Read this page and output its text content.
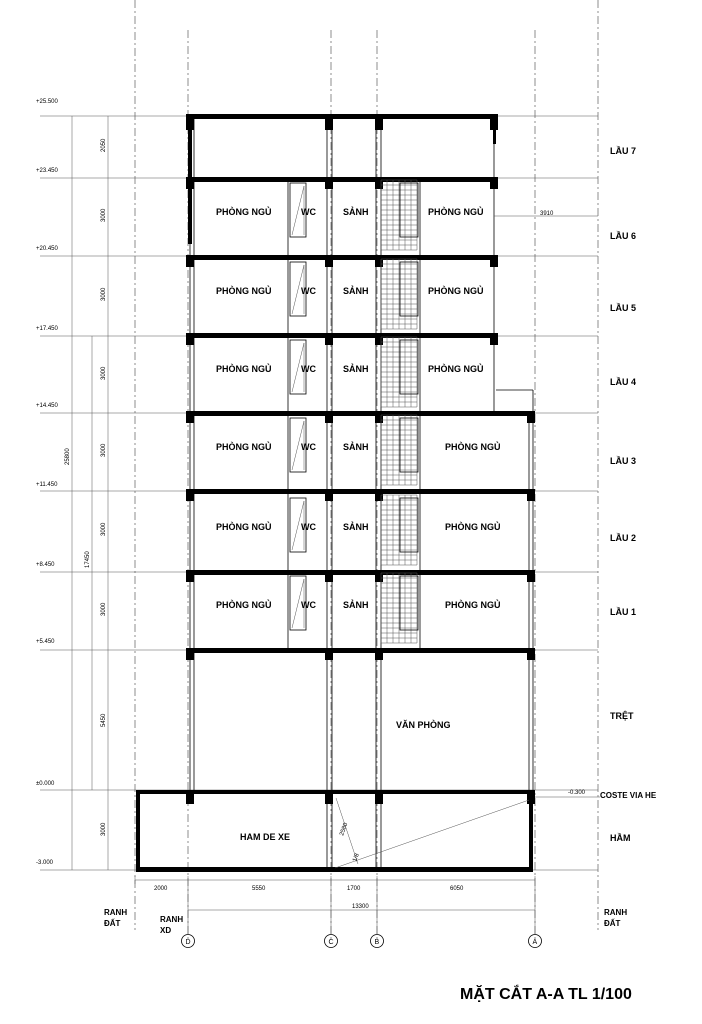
LẦU 7
LẦU 6
LẦU 5
LẦU 4
LẦU 3
LẦU 2
LẦU 1
TRỆT
HẦM
COSTE VIA HE
-0.300
+25.500
+23.450
+20.450
+17.450
+14.450
+11.450
+8.450
+5.450
±0.000
-3.000
2050
3000
3000
3000
3000
3000
3000
5450
3000
25800
17450
PHÒNG NGỦ	WC	SẢNH	PHÒNG NGỦ
PHÒNG NGỦ	WC	SẢNH	PHÒNG NGỦ
PHÒNG NGỦ	WC	SẢNH	PHÒNG NGỦ
PHÒNG NGỦ	WC	SẢNH	PHÒNG NGỦ
PHÒNG NGỦ	WC	SẢNH	PHÒNG NGỦ
PHÒNG NGỦ	WC	SẢNH	PHÒNG NGỦ
VĂN PHÒNG
HAM DE XE
2580
1/8
3910
2000	5550	1700	6050
13300
RANH
ĐẤT	RANH
XD
RANH
ĐẤT
D	C	B	A
MẶT CẮT A-A TL 1/100
